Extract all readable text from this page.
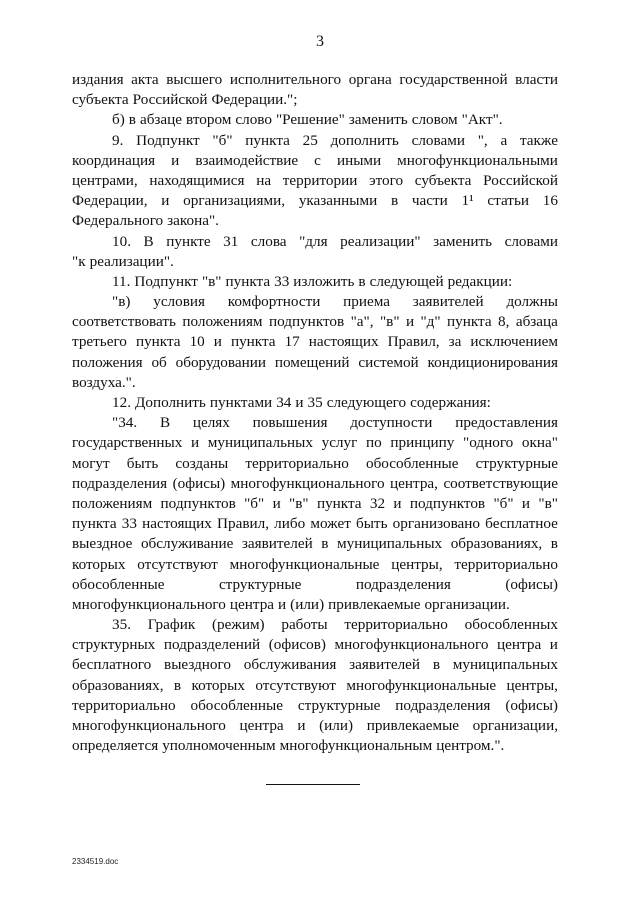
3
издания акта высшего исполнительного органа государственной власти
субъекта Российской Федерации.";
б) в абзаце втором слово "Решение" заменить словом "Акт".
9. Подпункт "б" пункта 25 дополнить словами ", а также
координация и взаимодействие с иными многофункциональными
центрами, находящимися на территории этого субъекта Российской
Федерации, и организациями, указанными в части 1¹ статьи 16
Федерального закона".
10. В пункте 31 слова "для реализации" заменить словами
"к реализации".
11. Подпункт "в" пункта 33 изложить в следующей редакции:
"в) условия комфортности приема заявителей должны
соответствовать положениям подпунктов "а", "в" и "д" пункта 8, абзаца
третьего пункта 10 и пункта 17 настоящих Правил, за исключением
положения об оборудовании помещений системой кондиционирования
воздуха.".
12. Дополнить пунктами 34 и 35 следующего содержания:
"34. В целях повышения доступности предоставления
государственных и муниципальных услуг по принципу "одного окна"
могут быть созданы территориально обособленные структурные
подразделения (офисы) многофункционального центра, соответствующие
положениям подпунктов "б" и "в" пункта 32 и подпунктов "б" и "в"
пункта 33 настоящих Правил, либо может быть организовано бесплатное
выездное обслуживание заявителей в муниципальных образованиях, в
которых отсутствуют многофункциональные центры, территориально
обособленные	структурные	подразделения	(офисы)
многофункционального центра и (или) привлекаемые организации.
35. График (режим) работы территориально обособленных
структурных подразделений (офисов) многофункционального центра и
бесплатного выездного обслуживания заявителей в муниципальных
образованиях, в которых отсутствуют многофункциональные центры,
территориально обособленные структурные подразделения (офисы)
многофункционального центра и (или) привлекаемые организации,
определяется уполномоченным многофункциональным центром.".
2334519.doc
